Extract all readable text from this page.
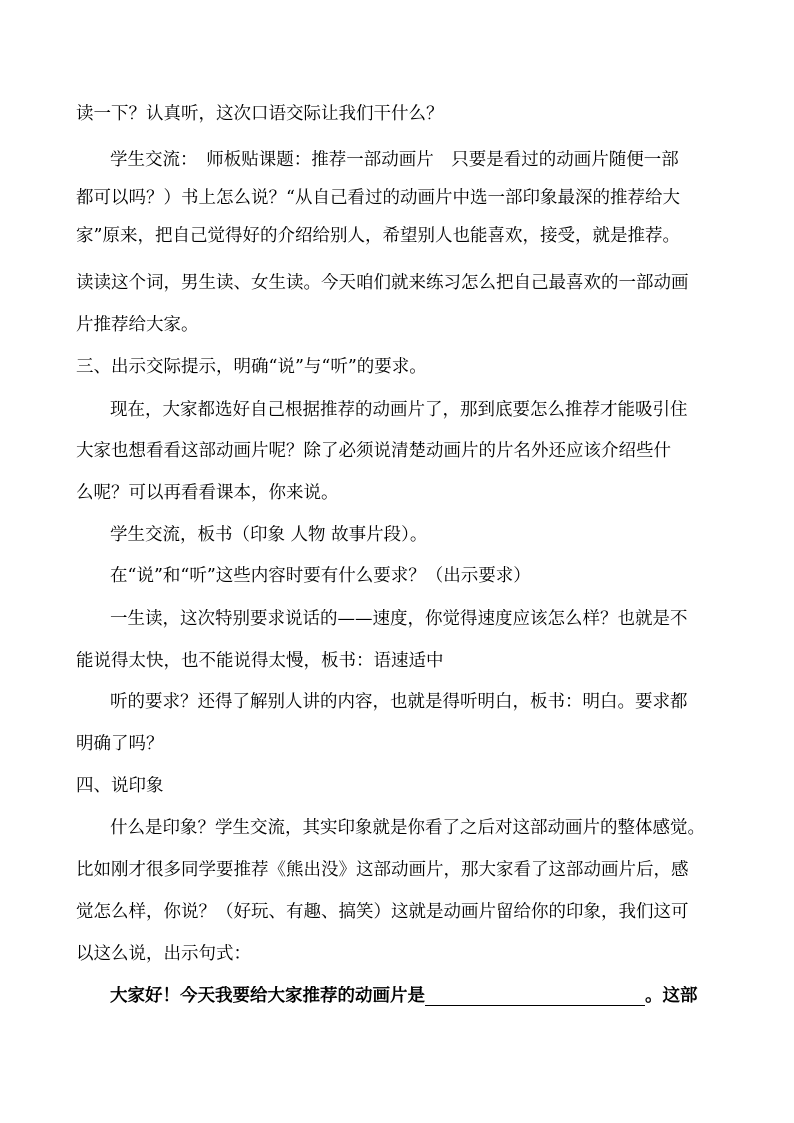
读一下？认真听，这次口语交际让我们干什么？
学生交流：　师板贴课题：推荐一部动画片　只要是看过的动画片随便一部
都可以吗？）书上怎么说？“从自己看过的动画片中选一部印象最深的推荐给大
家”原来，把自己觉得好的介绍给别人，希望别人也能喜欢，接受，就是推荐。
读读这个词，男生读、女生读。今天咱们就来练习怎么把自己最喜欢的一部动画
片推荐给大家。
三、出示交际提示，明确“说”与“听”的要求。
现在，大家都选好自己根据推荐的动画片了，那到底要怎么推荐才能吸引住
大家也想看看这部动画片呢？除了必须说清楚动画片的片名外还应该介绍些什
么呢？可以再看看课本，你来说。
学生交流，板书（印象 人物 故事片段）。
在“说”和“听”这些内容时要有什么要求？（出示要求）
一生读，这次特别要求说话的——速度，你觉得速度应该怎么样？也就是不
能说得太快，也不能说得太慢，板书：语速适中
听的要求？还得了解别人讲的内容，也就是得听明白，板书：明白。要求都
明确了吗？
四、说印象
什么是印象？学生交流，其实印象就是你看了之后对这部动画片的整体感觉。
比如刚才很多同学要推荐《熊出没》这部动画片，那大家看了这部动画片后，感
觉怎么样，你说？（好玩、有趣、搞笑）这就是动画片留给你的印象，我们这可
以这么说，出示句式：
大家好！今天我要给大家推荐的动画片是	。这部
